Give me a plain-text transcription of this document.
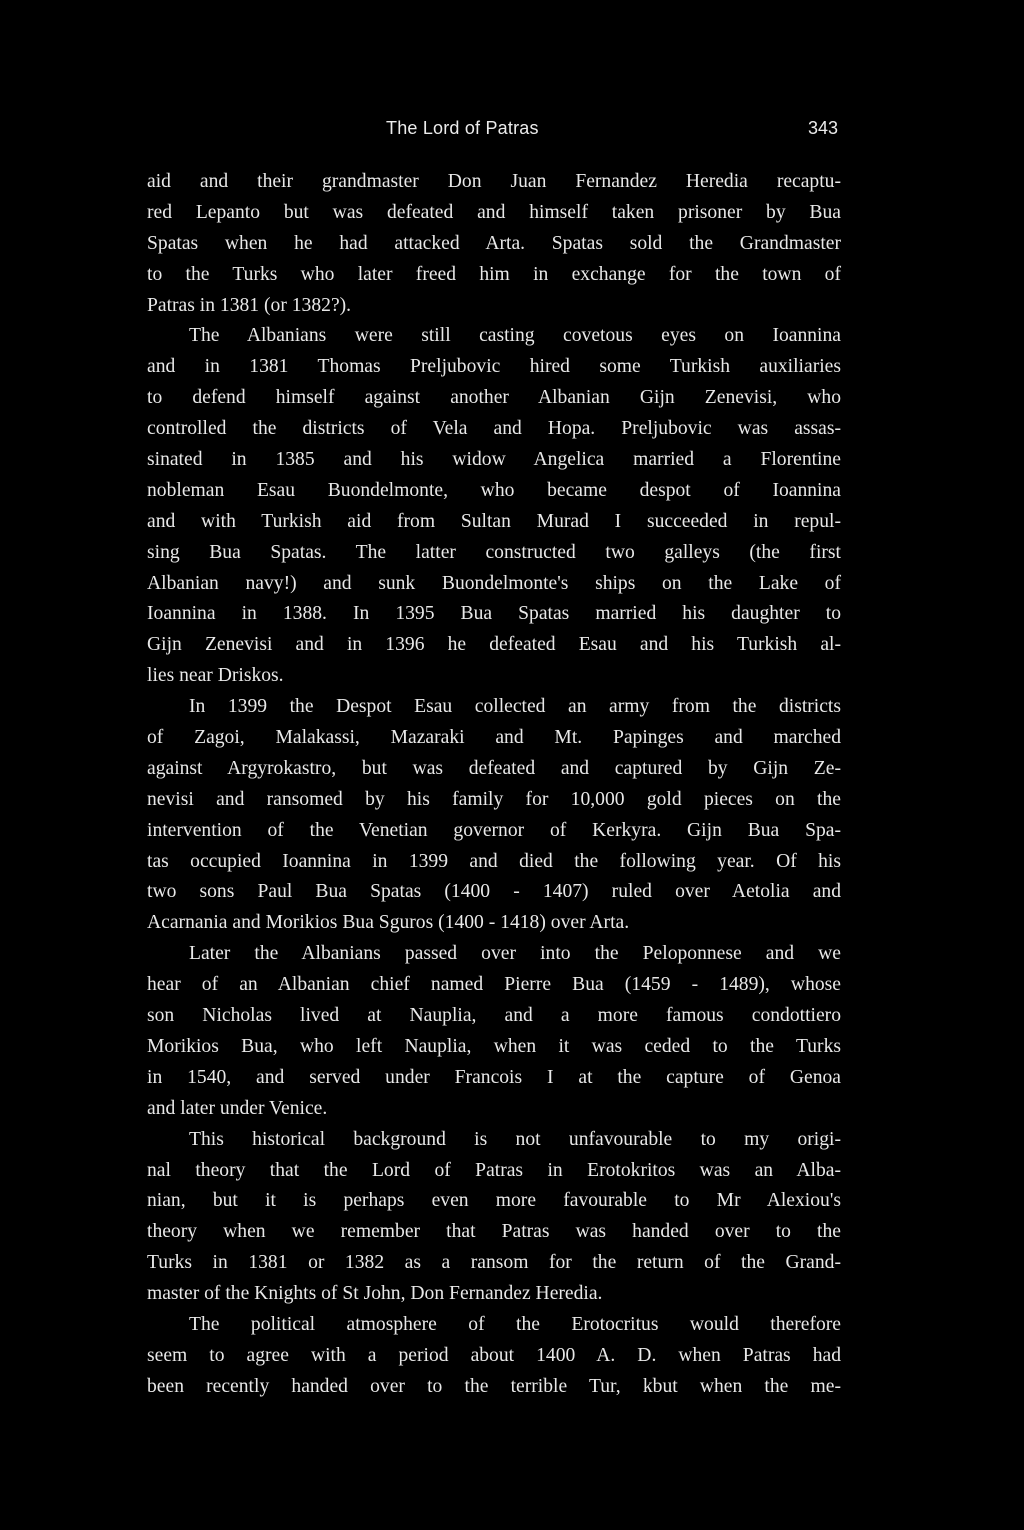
The Lord of Patras	343
aid and their grandmaster Don Juan Fernandez Heredia recaptu-
red Lepanto but was defeated and himself taken prisoner by Bua
Spatas when he had attacked Arta. Spatas sold the Grandmaster
to the Turks who later freed him in exchange for the town of
Patras in 1381 (or 1382?).
The Albanians were still casting covetous eyes on Ioannina
and in 1381 Thomas Preljubovic hired some Turkish auxiliaries
to defend himself against another Albanian Gijn Zenevisi, who
controlled the districts of Vela and Hopa. Preljubovic was assas-
sinated in 1385 and his widow Angelica married a Florentine
nobleman Esau Buondelmonte, who became despot of Ioannina
and with Turkish aid from Sultan Murad I succeeded in repul-
sing Bua Spatas. The latter constructed two galleys (the first
Albanian navy!) and sunk Buondelmonte's ships on the Lake of
Ioannina in 1388. In 1395 Bua Spatas married his daughter to
Gijn Zenevisi and in 1396 he defeated Esau and his Turkish al-
lies near Driskos.
In 1399 the Despot Esau collected an army from the districts
of Zagoi, Malakassi, Mazaraki and Mt. Papinges and marched
against Argyrokastro, but was defeated and captured by Gijn Ze-
nevisi and ransomed by his family for 10,000 gold pieces on the
intervention of the Venetian governor of Kerkyra. Gijn Bua Spa-
tas occupied Ioannina in 1399 and died the following year. Of his
two sons Paul Bua Spatas (1400 - 1407) ruled over Aetolia and
Acarnania and Morikios Bua Sguros (1400 - 1418) over Arta.
Later the Albanians passed over into the Peloponnese and we
hear of an Albanian chief named Pierre Bua (1459 - 1489), whose
son Nicholas lived at Nauplia, and a more famous condottiero
Morikios Bua, who left Nauplia, when it was ceded to the Turks
in 1540, and served under Francois I at the capture of Genoa
and later under Venice.
This historical background is not unfavourable to my origi-
nal theory that the Lord of Patras in Erotokritos was an Alba-
nian, but it is perhaps even more favourable to Mr Alexiou's
theory when we remember that Patras was handed over to the
Turks in 1381 or 1382 as a ransom for the return of the Grand-
master of the Knights of St John, Don Fernandez Heredia.
The political atmosphere of the Erotocritus would therefore
seem to agree with a period about 1400 A. D. when Patras had
been recently handed over to the terrible Tur, kbut when the me-
